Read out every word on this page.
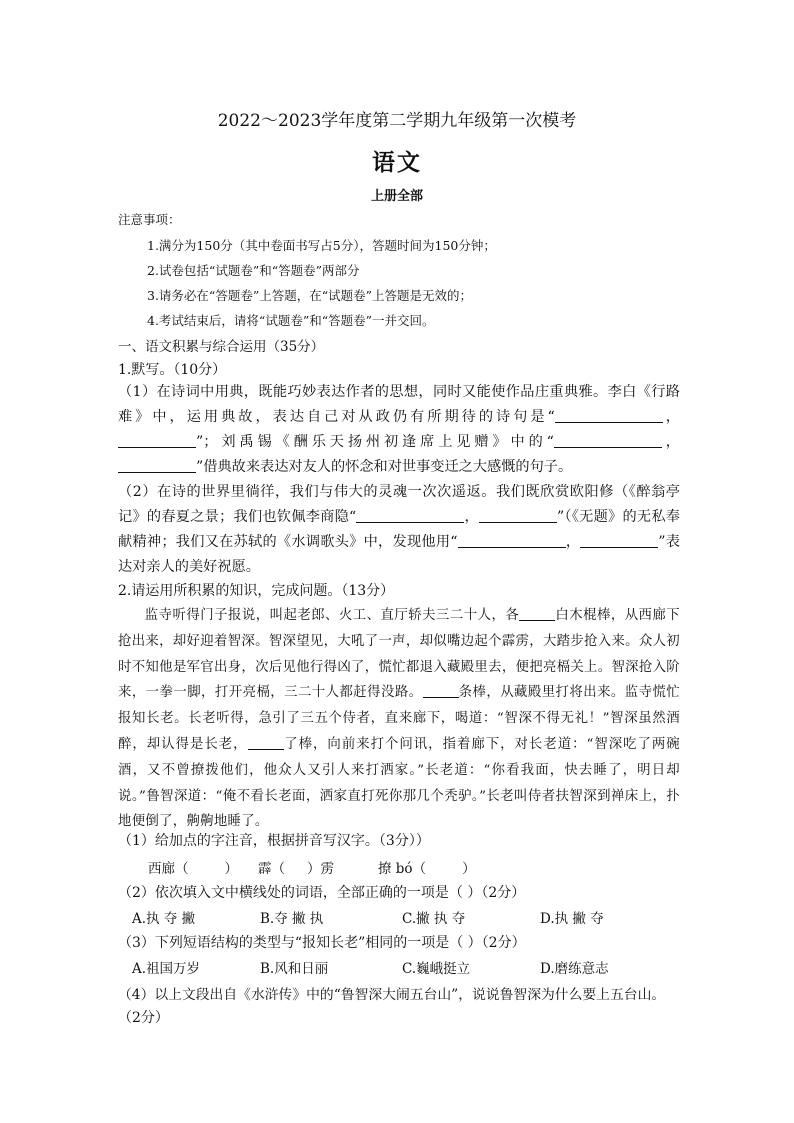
2022～2023学年度第二学期九年级第一次模考
语文
上册全部
注意事项：
1.满分为150分（其中卷面书写占5分），答题时间为150分钟；
2.试卷包括“试题卷”和“答题卷”两部分
3.请务必在“答题卷”上答题，在“试题卷”上答题是无效的；
4.考试结束后，请将“试题卷”和“答题卷”一并交回。
一、语文积累与综合运用（35分）
1.默写。（10分）
（1）在诗词中用典，既能巧妙表达作者的思想，同时又能使作品庄重典雅。李白《行路难》中，运用典故，表达自己对从政仍有所期待的诗句是“	，”；刘禹锡《酬乐天扬州初逢席上见赠》中的“	，”借典故来表达对友人的怀念和对世事变迁之大感慨的句子。
（2）在诗的世界里徜徉，我们与伟大的灵魂一次次遥返。我们既欣赏欧阳修（《醉翁亭记》的春夏之景；我们也钦佩李商隐“	，	”（《无题》的无私奉献精神；我们又在苏轼的《水调歌头》中，发现他用“	，	”表达对亲人的美好祝愿。
2.请运用所积累的知识，完成问题。（13分）
监寺听得门子报说，叫起老郎、火工、直厅轿夫三二十人，各	白木棍棒，从西廊下抢出来，却好迎着智深。智深望见，大吼了一声，却似嘴边起个霹雳，大踏步抢入来。众人初时不知他是军官出身，次后见他行得凶了，慌忙都退入藏殿里去，便把亮槅关上。智深抢入阶来，一拳一脚，打开亮槅，三二十人都赶得没路。	条棒，从藏殿里打将出来。监寺慌忙报知长老。长老听得，急引了三五个侍者，直来廊下，喝道：“智深不得无礼！”智深虽然酒醉，却认得是长老，	了棒，向前来打个问讯，指着廊下，对长老道：“智深吃了两碗酒，又不曾撩拨他们，他众人又引人来打洒家。”长老道：“你看我面，快去睡了，明日却说。”鲁智深道：“俺不看长老面，洒家直打死你那几个秃驴。”长老叫侍者扶智深到禅床上，扑地便倒了，齁齁地睡了。
（1）给加点的字注音，根据拼音写汉字。（3分））
西廊（	） 霹（ ）雳	撩 bó（	）
（2）依次填入文中横线处的词语，全部正确的一项是（ ）（2分）
A.执 夺 撇	B.夺 撇 执	C.撇 执 夺	D.执 撇 夺
（3）下列短语结构的类型与“报知长老”相同的一项是（ ）（2分）
A.祖国万岁	B.风和日丽	C.巍峨挺立	D.磨练意志
（4）以上文段出自《水浒传》中的“鲁智深大闹五台山”，说说鲁智深为什么要上五台山。
（2分）
